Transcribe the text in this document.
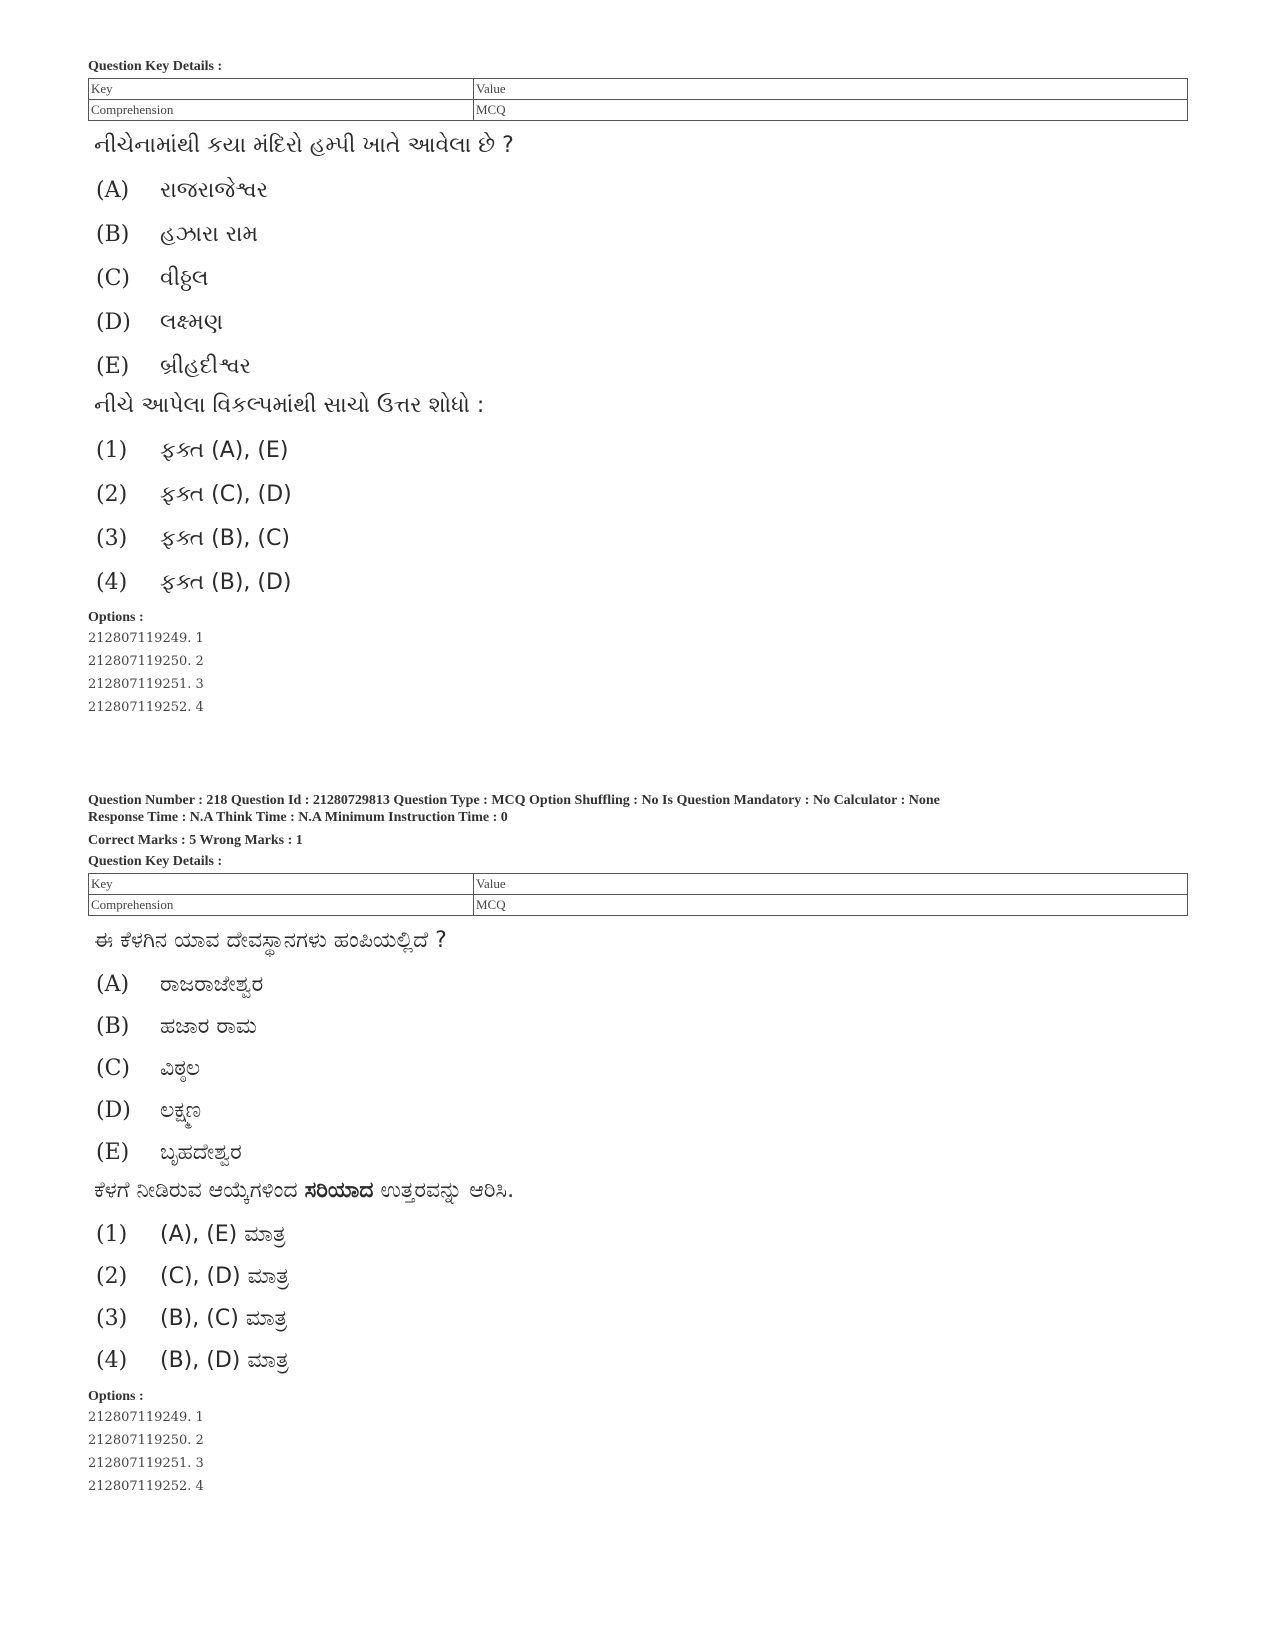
Question Key Details :

Key	Value
Comprehension	MCQ

નીચેનામાંથી કયા મંદિરો હમ્પી ખાતે આવેલા છે ?

(A)	રાજરાજેશ્વર
(B)	હઝારા રામ
(C)	વીઠ્ઠલ
(D)	લક્ષ્મણ
(E)	બ્રીહદીશ્વર

નીચે આપેલા વિકલ્પમાંથી સાચો ઉત્તર શોધો :

(1)	ફક્ત (A), (E)
(2)	ફક્ત (C), (D)
(3)	ફક્ત (B), (C)
(4)	ફક્ત (B), (D)

Options :

212807119249. 1

212807119250. 2

212807119251. 3

212807119252. 4

Question Number : 218 Question Id : 21280729813 Question Type : MCQ Option Shuffling : No Is Question Mandatory : No Calculator : None

Response Time : N.A Think Time : N.A Minimum Instruction Time : 0

Correct Marks : 5 Wrong Marks : 1

Question Key Details :

Key	Value
Comprehension	MCQ

ಈ ಕೆಳಗಿನ ಯಾವ ದೇವಸ್ಥಾನಗಳು ಹಂಪಿಯಲ್ಲಿದೆ ?

(A)	ರಾಜರಾಜೇಶ್ವರ
(B)	ಹಜಾರ ರಾಮ
(C)	ವಿಠ್ಠಲ
(D)	ಲಕ್ಷ್ಮಣ
(E)	ಬೃಹದೇಶ್ವರ

ಕೆಳಗೆ ನೀಡಿರುವ ಆಯ್ಕೆಗಳಿಂದ ಸರಿಯಾದ ಉತ್ತರವನ್ನು ಆರಿಸಿ.

(1)	(A), (E) ಮಾತ್ರ
(2)	(C), (D) ಮಾತ್ರ
(3)	(B), (C) ಮಾತ್ರ
(4)	(B), (D) ಮಾತ್ರ

Options :

212807119249. 1

212807119250. 2

212807119251. 3

212807119252. 4
